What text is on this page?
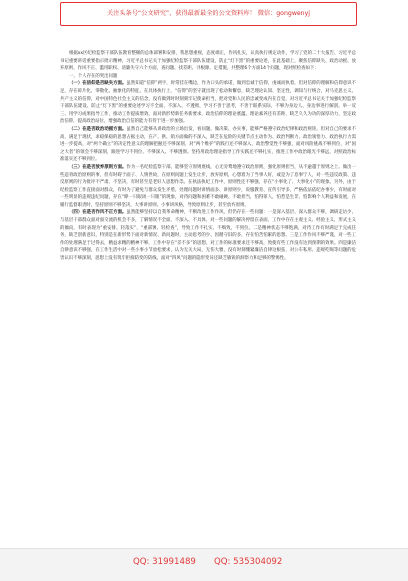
关注头条号“公文研究”，获得最新最全的公文资料库！ 微信：gongwenyj

根据xx区纪检监察干部队伍教育整顿的总体部署和安排，我思想重视，态度端正，作风扎实，认真执行规定动作，学习了党的二十大报告、习近平总书记重要讲话重要指示批示精神，习近平总书记关于加强纪检监察干部队伍建设，防止“灯下黑”的重要论述，在此基础上，聚焦信仰缺失、政治动摇、放弃原则、作风不正、滥用职权、清廉失守六个方面，查问题、找差距、寻根源、定措施，共整理6个方面14个问题，现对照检查如下：

一、个人存在的突出问题

（一）在信仰是否缺失方面。虽然知道“信仰”两字，时常挂在嘴边，作为口头的承诺，做到忠诚于信仰，虔诚而执着，但对信仰的理解和信仰意识不足，存在碎片化、零散化、抽象化的特征。在具体执行上，“信仰”的坚守就出现了松动和懈怠，缺乏理论认知、坚定性，调知与行统合，对马克思主义、共产主义的信仰，对中国特色社会主义的信念，没有做到时时刻刻牢记使命担当，把对党和人民的忠诚变成内在自觉，对习近平总书记关于加强纪检监察干部队伍建设、防止“灯下黑”的重要论述学习不全面、不深入、不透彻，学习不善于思考，不善于联系实际，不够为身边人、身边事进行解剖、举一反三、用学习成果指导工作，推动工作提质增效，面对新形势新任务新要求，政治信仰的理论底蕴、理论素养还有差距，缺乏久久为功的深厚功力，坚定政治信仰，提高政治站位，增强政治自信的能力有待于进一步加强。

（二）在是否政治动摇方面。虽然自己能够从讲政治的立场出发，看问题、做决策、办实事，能够严格遵守政治纪律和政治规矩。但对自己的要求不高，满足于现状，求稳保稳的思想占据主动，在产、供、销方面做的不深入，缺乏在危险的关键节点主动作为、政治判断力、政治领悟力、政治执行力需进一步提高，对“两个确立”的决定性意义的理解把握还不够深刻，对“两个维护”的践行还不够深入，政治警觉性不够强，面对风险挑战不够到位，对“国之大者”的领会不够深刻，跟进学习不到位、不够深入、不够透彻。坚持用政治理论指导工作实践还不够扎实，推进工作中政治眼光不够远，对照政治标准落实还不够到位。

（三）在是否放弃原则方面。作为一名纪检监察干部，能够坚守原则底线，心无旁骛地遵守政治原则，强化原则担当，从不逾越于原则之上。做出一些违背政治原则的事，但有时碍于面子、人情世故，在原则问题上发生让步，放弃原则，心想着为了当事人好，或是为了息事宁人，对一些违反政策、违反原则的行为批评不严肃、不坚决，有时甚至是老好人思想作祟。在执法执纪工作中，原则性还不够强，存在“小事化了、大事化小”的现象。另外，由于纪检监察工作直接面对群众，有时为了避免与群众发生矛盾，处理问题时讲情面多、讲原则少，说服教育、宣传引导多，严格依法依纪办事少，有时面对一些明显的违规违纪问题，存在“睁一只眼闭一只眼”的现象，对待问题和困难不敢碰硬、不敢担当，怕得罪人，怕惹是生非，怕影响个人利益和发展，在履行监督职责时，坚持原则不够坚决，大事讲原则、小事讲风格，导致原则让步，甚至放弃原则。

（四）在是否作风不正方面。虽然能够坚持以自我革命精神，不断改进工作作风，但仍存在一些问题：一是深入基层、深入群众不够，调研走访少，与基层干部群众面对面交流的机会不多，了解情况不全面、不深入、不具体，对一些问题的解决停留在表面，工作中存在主观主义、经验主义、形式主义的倾向，有时表现为“重安排、轻落实”，“重部署、轻检查”，导致工作不扎实、不细致、不到位。二是精神状态不够饱满，对待工作有时满足于完成任务，缺乏创新意识，特别是在新形势下面对新情况、新问题时，主动思考的少、因循守旧的多，存在怕苦怕累的思想。三是工作作风不够严谨，对一些工作的处理满足于过得去，精益求精的精神不够，工作中存在“差不多”的思想，对工作的标准要求还不够高，致使有些工作没有达到预期的效果。四是廉洁自律意识不够强，在工作生活中对一些小事小节放松要求，认为无关大局，无伤大雅，没有时刻绷紧廉洁自律这根弦，对公车私用、违规吃喝等问题的危害认识不够深刻，思想上没有筑牢拒腐防变的防线，面对“四风”问题的隐形变异还缺乏敏锐的洞察力和足够的警惕性。

QQ: 31991489 QQ: 535304092
